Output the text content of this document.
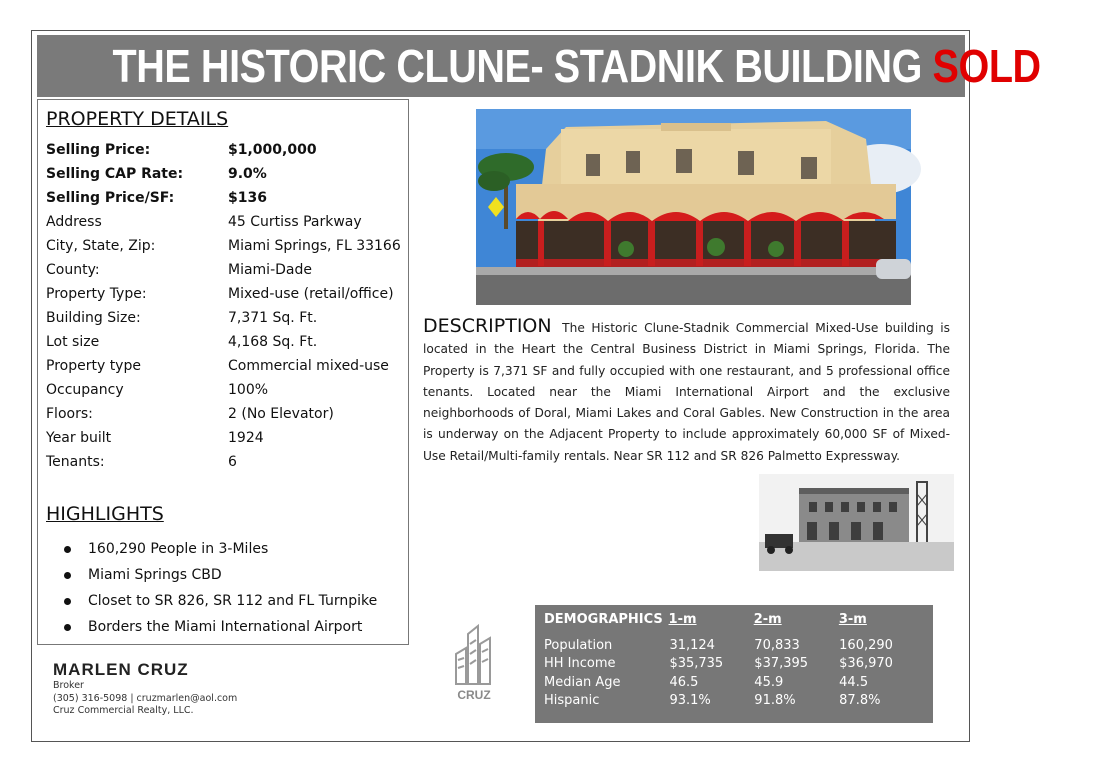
THE HISTORIC CLUNE- STADNIK BUILDING SOLD
PROPERTY DETAILS
Selling Price:	$1,000,000
Selling CAP Rate:	9.0%
Selling Price/SF:	$136
Address	45 Curtiss Parkway
City, State, Zip:	Miami Springs, FL 33166
County:	Miami-Dade
Property Type:	Mixed-use (retail/office)
Building Size:	7,371 Sq. Ft.
Lot size	4,168 Sq. Ft.
Property type	Commercial mixed-use
Occupancy	100%
Floors:	2 (No Elevator)
Year built	1924
Tenants:	6
HIGHLIGHTS
160,290 People in 3-Miles
Miami Springs CBD
Closet to SR 826, SR 112 and FL Turnpike
Borders the Miami International Airport
DESCRIPTION The Historic Clune-Stadnik Commercial Mixed-Use building is located in the Heart the Central Business District in Miami Springs, Florida. The Property is 7,371 SF and fully occupied with one restaurant, and 5 professional office tenants. Located near the Miami International Airport and the exclusive neighborhoods of Doral, Miami Lakes and Coral Gables. New Construction in the area is underway on the Adjacent Property to include approximately 60,000 SF of Mixed-Use Retail/Multi-family rentals. Near SR 112 and SR 826 Palmetto Expressway.
DEMOGRAPHICS 1-m	2-m	3-m
Population	31,124	70,833	160,290
HH Income	$35,735	$37,395	$36,970
Median Age	46.5	45.9	44.5
Hispanic	93.1%	91.8%	87.8%
MARLEN CRUZ
Broker
(305) 316-5098 | cruzmarlen@aol.com
Cruz Commercial Realty, LLC.
CRUZ
